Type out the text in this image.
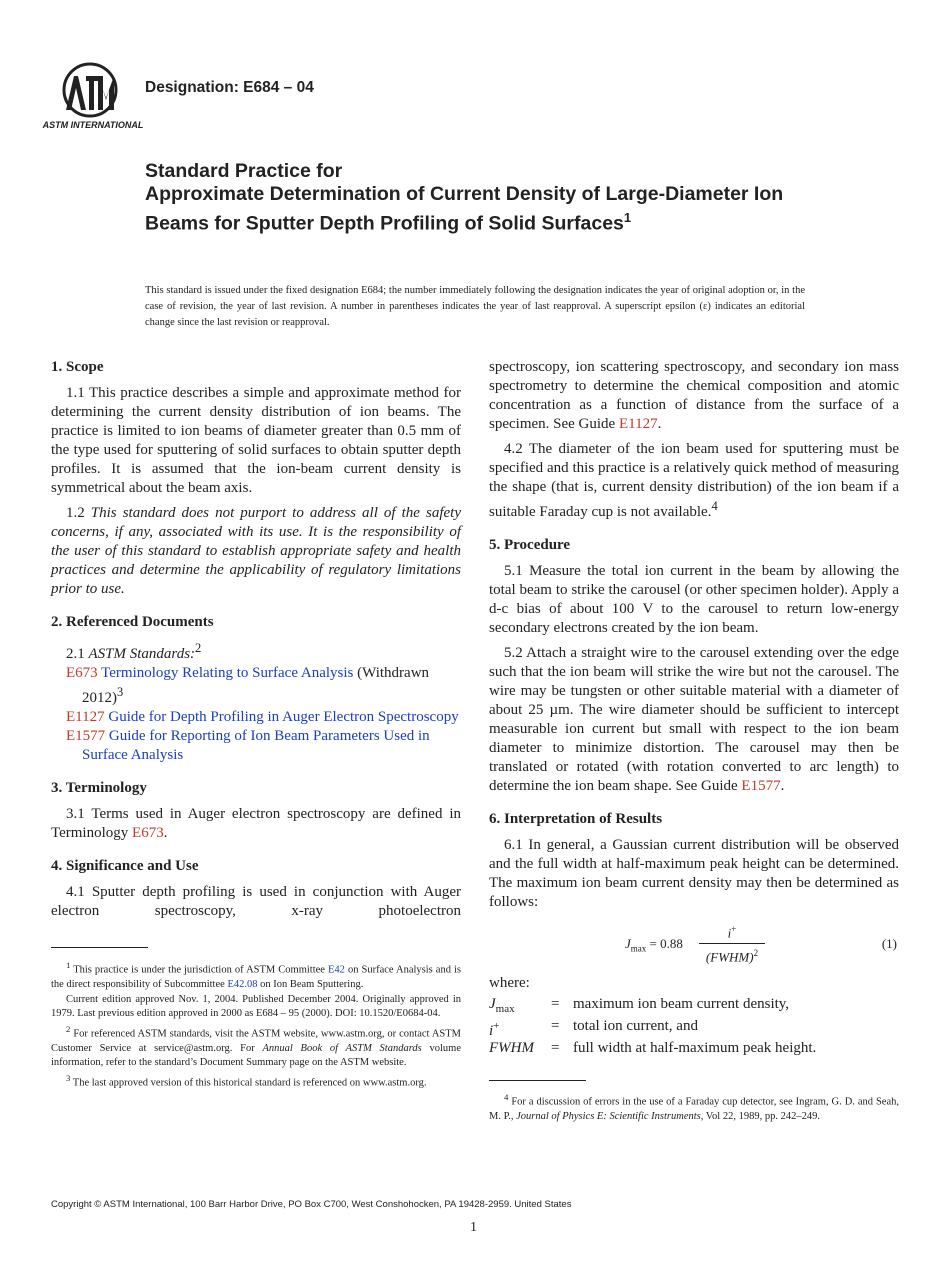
ASTM INTERNATIONAL
Designation: E684 – 04
Standard Practice for
Approximate Determination of Current Density of Large-Diameter Ion Beams for Sputter Depth Profiling of Solid Surfaces$^1$
This standard is issued under the fixed designation E684; the number immediately following the designation indicates the year of original adoption or, in the case of revision, the year of last revision. A number in parentheses indicates the year of last reapproval. A superscript epsilon (ε) indicates an editorial change since the last revision or reapproval.
1. Scope

1.1 This practice describes a simple and approximate method for determining the current density distribution of ion beams. The practice is limited to ion beams of diameter greater than 0.5 mm of the type used for sputtering of solid surfaces to obtain sputter depth profiles. It is assumed that the ion-beam current density is symmetrical about the beam axis.

1.2 This standard does not purport to address all of the safety concerns, if any, associated with its use. It is the responsibility of the user of this standard to establish appropriate safety and health practices and determine the applicability of regulatory limitations prior to use.

2. Referenced Documents

2.1 ASTM Standards:$^2$

E673 Terminology Relating to Surface Analysis (Withdrawn 2012)$^3$

E1127 Guide for Depth Profiling in Auger Electron Spectroscopy

E1577 Guide for Reporting of Ion Beam Parameters Used in Surface Analysis

3. Terminology

3.1 Terms used in Auger electron spectroscopy are defined in Terminology E673.

4. Significance and Use

4.1 Sputter depth profiling is used in conjunction with Auger electron spectroscopy, x-ray photoelectron

$^1$ This practice is under the jurisdiction of ASTM Committee E42 on Surface Analysis and is the direct responsibility of Subcommittee E42.08 on Ion Beam Sputtering.

Current edition approved Nov. 1, 2004. Published December 2004. Originally approved in 1979. Last previous edition approved in 2000 as E684 – 95 (2000). DOI: 10.1520/E0684-04.

$^2$ For referenced ASTM standards, visit the ASTM website, www.astm.org, or contact ASTM Customer Service at service@astm.org. For Annual Book of ASTM Standards volume information, refer to the standard’s Document Summary page on the ASTM website.

$^3$ The last approved version of this historical standard is referenced on www.astm.org.

spectroscopy, ion scattering spectroscopy, and secondary ion mass spectrometry to determine the chemical composition and atomic concentration as a function of distance from the surface of a specimen. See Guide E1127.

4.2 The diameter of the ion beam used for sputtering must be specified and this practice is a relatively quick method of measuring the shape (that is, current density distribution) of the ion beam if a suitable Faraday cup is not available.$^4$

5. Procedure

5.1 Measure the total ion current in the beam by allowing the total beam to strike the carousel (or other specimen holder). Apply a d-c bias of about 100 V to the carousel to return low-energy secondary electrons created by the ion beam.

5.2 Attach a straight wire to the carousel extending over the edge such that the ion beam will strike the wire but not the carousel. The wire may be tungsten or other suitable material with a diameter of about 25 µm. The wire diameter should be sufficient to intercept measurable ion current but small with respect to the ion beam diameter to minimize distortion. The carousel may then be translated or rotated (with rotation converted to arc length) to determine the ion beam shape. See Guide E1577.

6. Interpretation of Results

6.1 In general, a Gaussian current distribution will be observed and the full width at half-maximum peak height can be determined. The maximum ion beam current density may then be determined as follows:

$J_{max} = 0.88$
i+
(FWHM)$^2$
(1)

where:

$J_{max}$	=	maximum ion beam current density,
i+	=	total ion current, and
FWHM	=	full width at half-maximum peak height.

$^4$ For a discussion of errors in the use of a Faraday cup detector, see Ingram, G. D. and Seah, M. P., Journal of Physics E: Scientific Instruments, Vol 22, 1989, pp. 242–249.

Copyright © ASTM International, 100 Barr Harbor Drive, PO Box C700, West Conshohocken, PA 19428-2959. United States
1
